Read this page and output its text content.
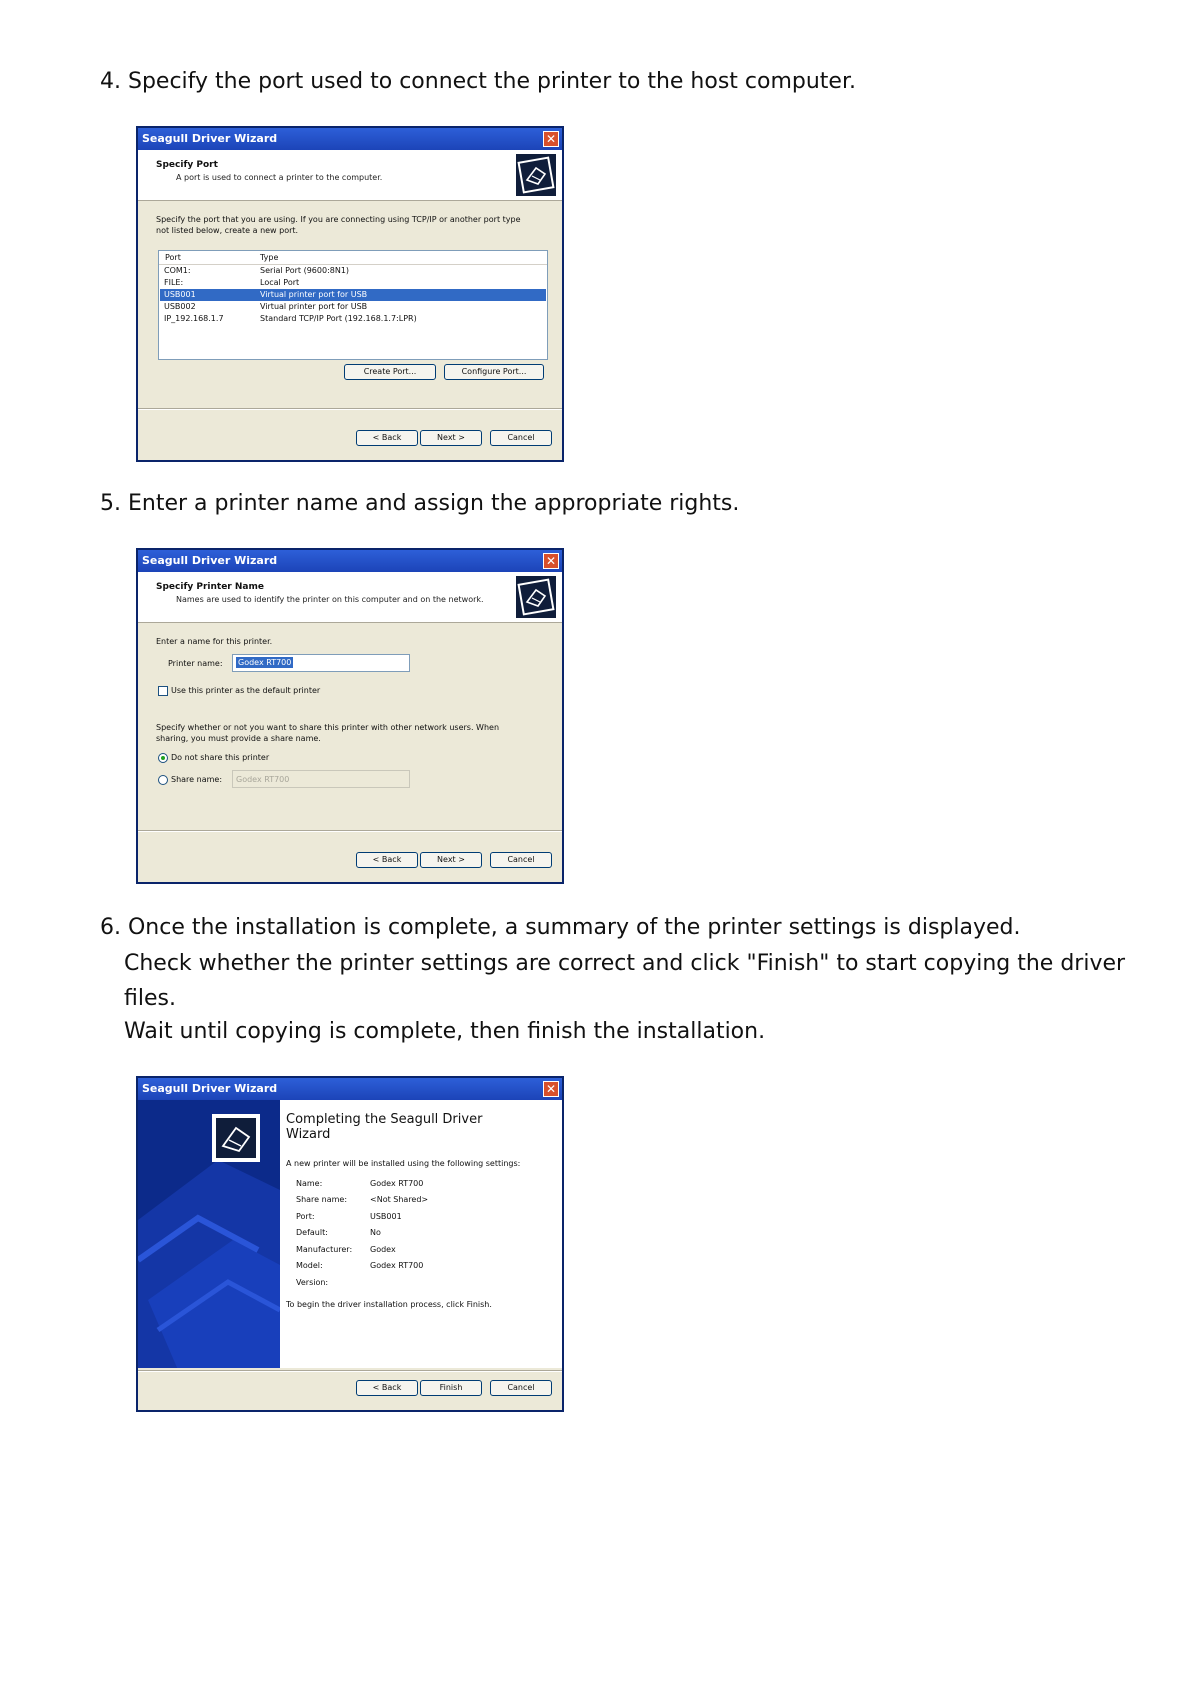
4. Specify the port used to connect the printer to the host computer.
Seagull Driver Wizard	✕
Specify Port
A port is used to connect a printer to the computer.
Specify the port that you are using. If you are connecting using TCP/IP or another port type
not listed below, create a new port.
Port	Type
COM1:	Serial Port (9600:8N1)
FILE:	Local Port
USB001	Virtual printer port for USB
USB002	Virtual printer port for USB
IP_192.168.1.7	Standard TCP/IP Port (192.168.1.7:LPR)
Create Port...	Configure Port...
< Back	Next >	Cancel
5. Enter a printer name and assign the appropriate rights.
Seagull Driver Wizard	✕
Specify Printer Name
Names are used to identify the printer on this computer and on the network.
Enter a name for this printer.
Printer name: Godex RT700
Use this printer as the default printer
Specify whether or not you want to share this printer with other network users. When
sharing, you must provide a share name.
Do not share this printer
Share name: Godex RT700
< Back	Next >	Cancel
6. Once the installation is complete, a summary of the printer settings is displayed.
Check whether the printer settings are correct and click "Finish" to start copying the driver
files.
Wait until copying is complete, then finish the installation.
Seagull Driver Wizard	✕
Completing the Seagull Driver
Wizard
A new printer will be installed using the following settings:
Name:	Godex RT700
Share name:	<Not Shared>
Port:	USB001
Default:	No
Manufacturer: Godex
Model:	Godex RT700
Version:
To begin the driver installation process, click Finish.
< Back	Finish	Cancel
